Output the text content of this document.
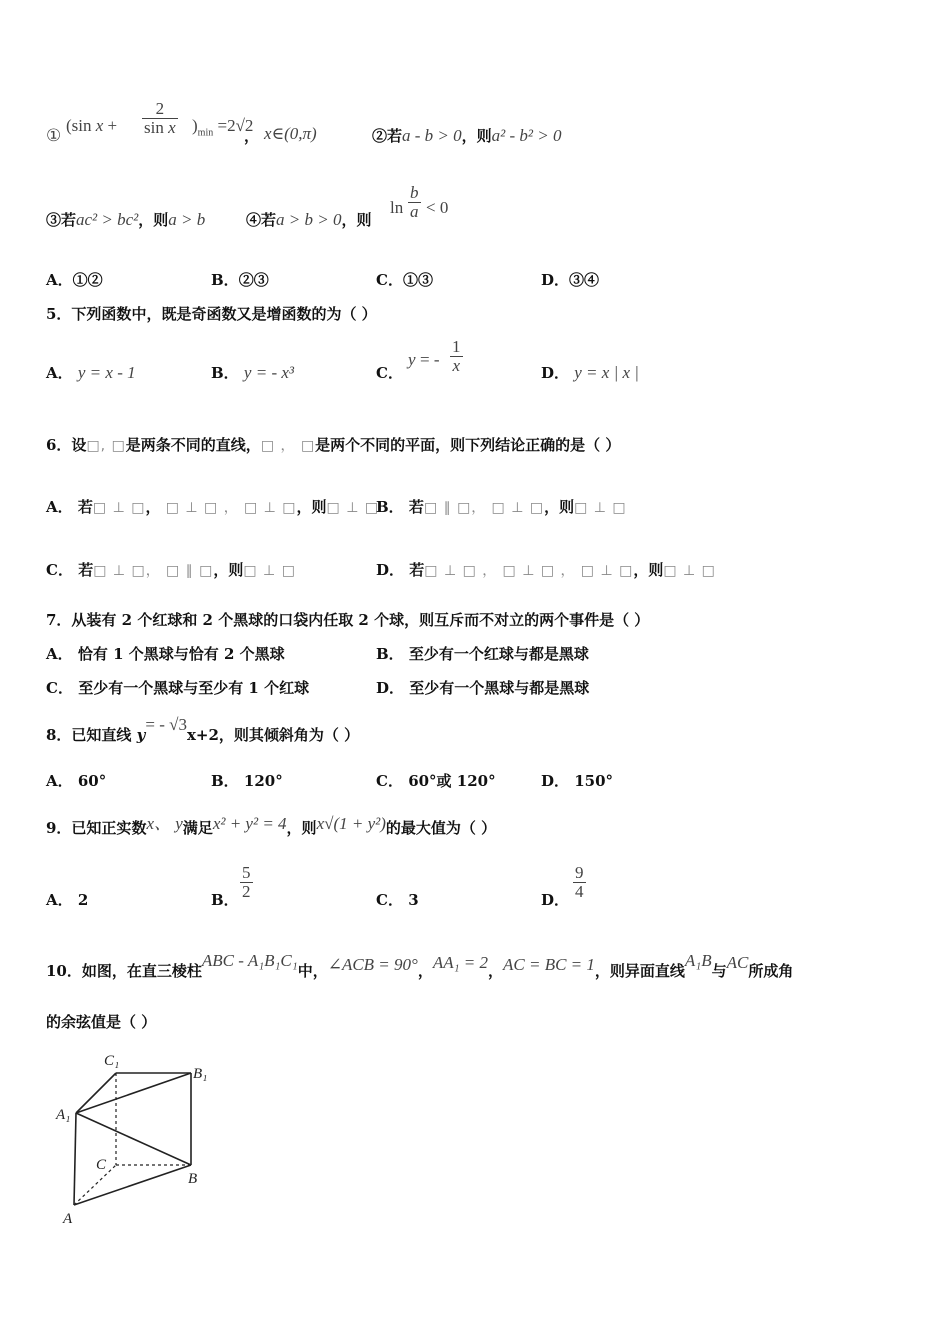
①
(sin $x + \frac{2}{\text{sin x}} )_{min} =2√2$
， x∈(0,π)	②若a - b > 0，则a² - b² > 0
③若ac² > bc²，则a > b	④若a > b > 0，则
$\ln \frac{b}{a} < 0$
A．①②	B．②③	C．①③	D．③④
5．下列函数中，既是奇函数又是增函数的为（ ）
A． y = x - 1	B． y = - x³	C．
y = - $\frac{1}{x}$	D． y = x | x |
6．设□, □是两条不同的直线，□ ， □是两个不同的平面，则下列结论正确的是（ ）
A． 若□ ⊥ □， □ ⊥ □ ， □ ⊥ □，则□ ⊥ □
B． 若□ ∥ □， □ ⊥ □，则□ ⊥ □
C． 若□ ⊥ □， □ ∥ □，则□ ⊥ □	D． 若□ ⊥ □ ， □ ⊥ □ ， □ ⊥ □，则□ ⊥ □
7．从装有 2 个红球和 2 个黑球的口袋内任取 2 个球，则互斥而不对立的两个事件是（ ）
A． 恰有 1 个黑球与恰有 2 个黑球	B． 至少有一个红球与都是黑球
C． 至少有一个黑球与至少有 1 个红球	D． 至少有一个黑球与都是黑球
8．已知直线 y= - √3x+2，则其倾斜角为（ ）
A． 60°	B． 120°	C． 60°或 120°	D． 150°
9．已知正实数x、 y满足x² + y² = 4，则x√(1 + y²)的最大值为（ ）
A． 2	B． $\frac{5}{2}$	C． 3	D． $\frac{9}{4}$
10．如图，在直三棱柱ABC - A₁B₁C₁中，∠ACB = 90°，AA₁ = 2，AC = BC = 1，则异面直线A₁B与AC所成角
的余弦值是（ ）
C₁
B₁
A₁
C
B
A
